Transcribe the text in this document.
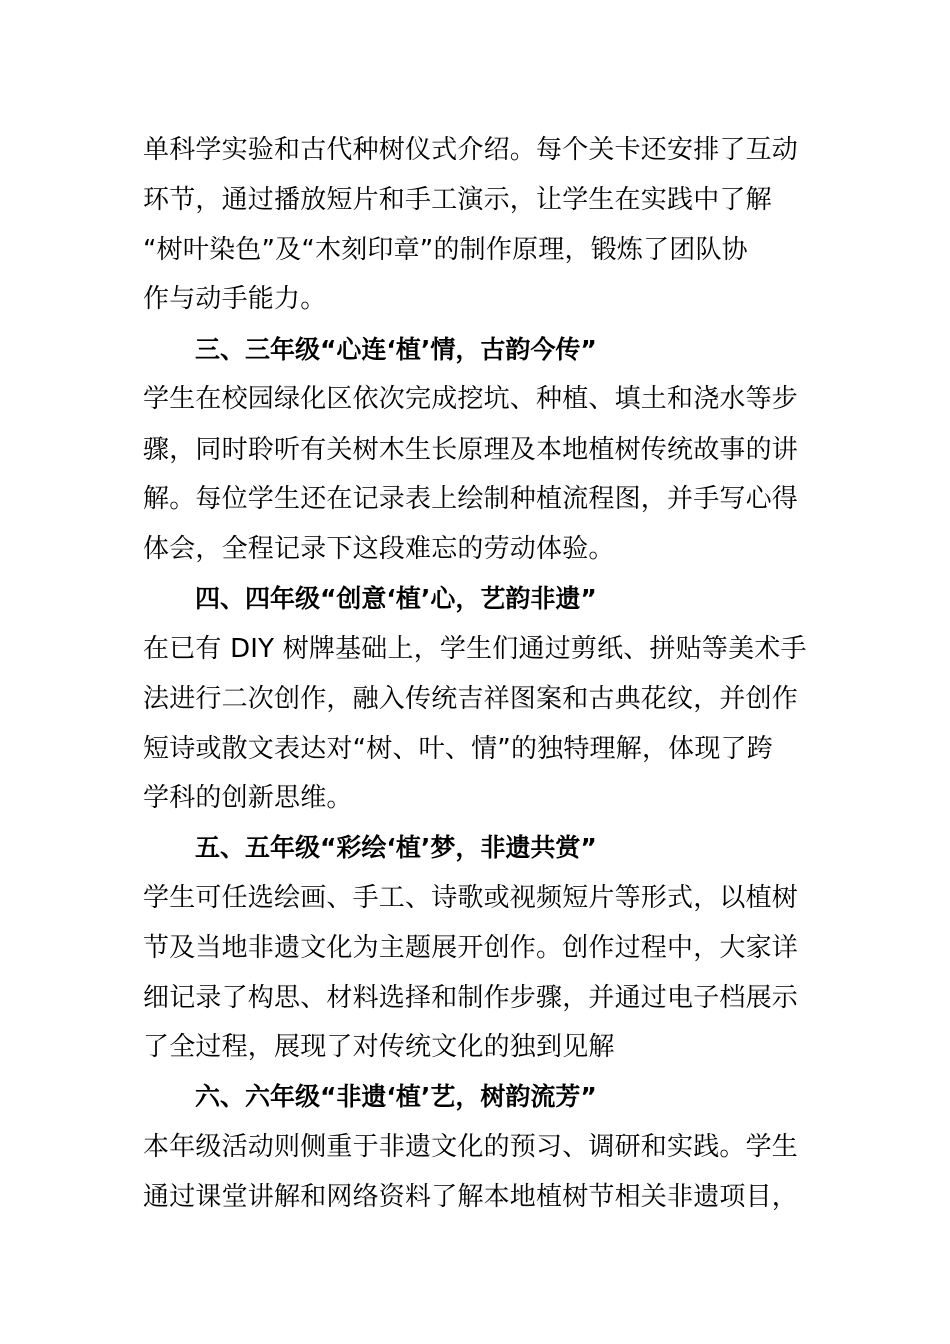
单科学实验和古代种树仪式介绍。每个关卡还安排了互动
环节，通过播放短片和手工演示，让学生在实践中了解
“树叶染色”及“木刻印章”的制作原理，锻炼了团队协
作与动手能力。
三、三年级“心连‘植’情，古韵今传”
学生在校园绿化区依次完成挖坑、种植、填土和浇水等步
骤，同时聆听有关树木生长原理及本地植树传统故事的讲
解。每位学生还在记录表上绘制种植流程图，并手写心得
体会，全程记录下这段难忘的劳动体验。
四、四年级“创意‘植’心，艺韵非遗”
在已有 DIY 树牌基础上，学生们通过剪纸、拼贴等美术手
法进行二次创作，融入传统吉祥图案和古典花纹，并创作
短诗或散文表达对“树、叶、情”的独特理解，体现了跨
学科的创新思维。
五、五年级“彩绘‘植’梦，非遗共赏”
学生可任选绘画、手工、诗歌或视频短片等形式，以植树
节及当地非遗文化为主题展开创作。创作过程中，大家详
细记录了构思、材料选择和制作步骤，并通过电子档展示
了全过程，展现了对传统文化的独到见解
六、六年级“非遗‘植’艺，树韵流芳”
本年级活动则侧重于非遗文化的预习、调研和实践。学生
通过课堂讲解和网络资料了解本地植树节相关非遗项目，
